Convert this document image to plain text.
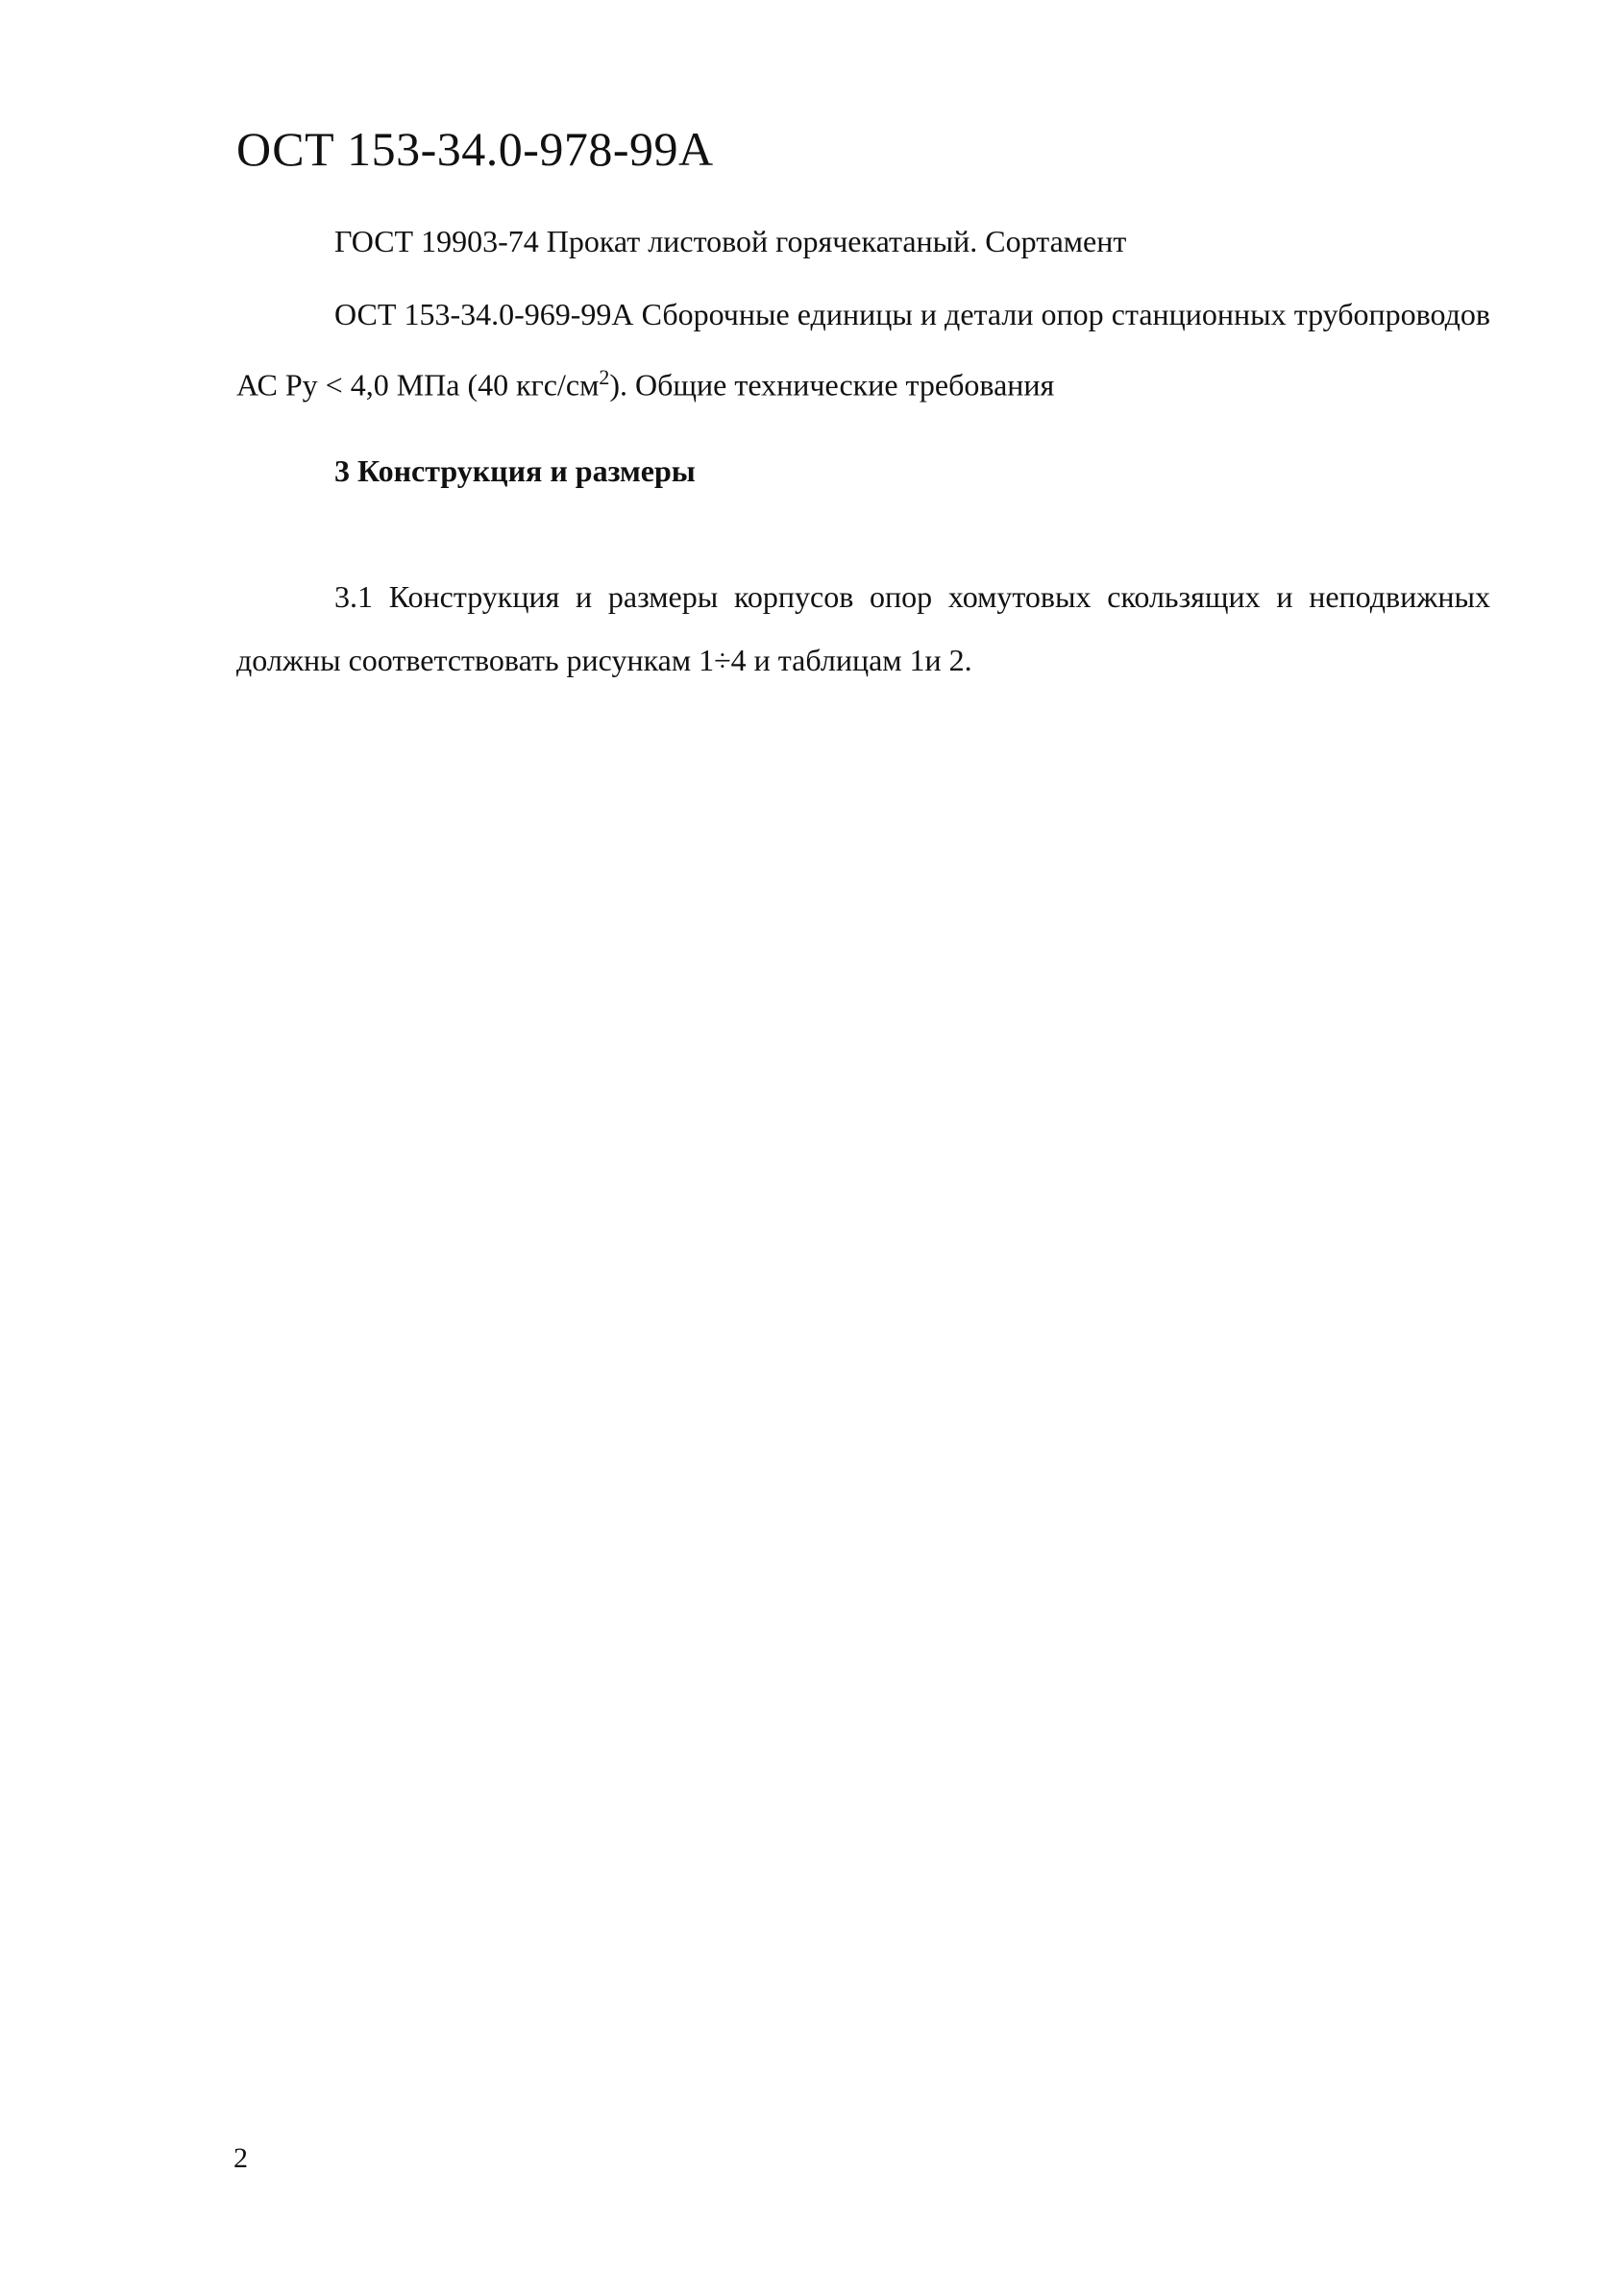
ОСТ 153-34.0-978-99А

ГОСТ 19903-74 Прокат листовой горячекатаный. Сортамент

ОСТ 153-34.0-969-99А Сборочные единицы и детали опор станционных трубопроводов АС Ру < 4,0 МПа (40 кгс/$см^2$). Общие технические требования

3 Конструкция и размеры

3.1 Конструкция и размеры корпусов опор хомутовых скользящих и неподвижных должны соответствовать рисункам 1÷4 и таблицам 1и 2.

2
